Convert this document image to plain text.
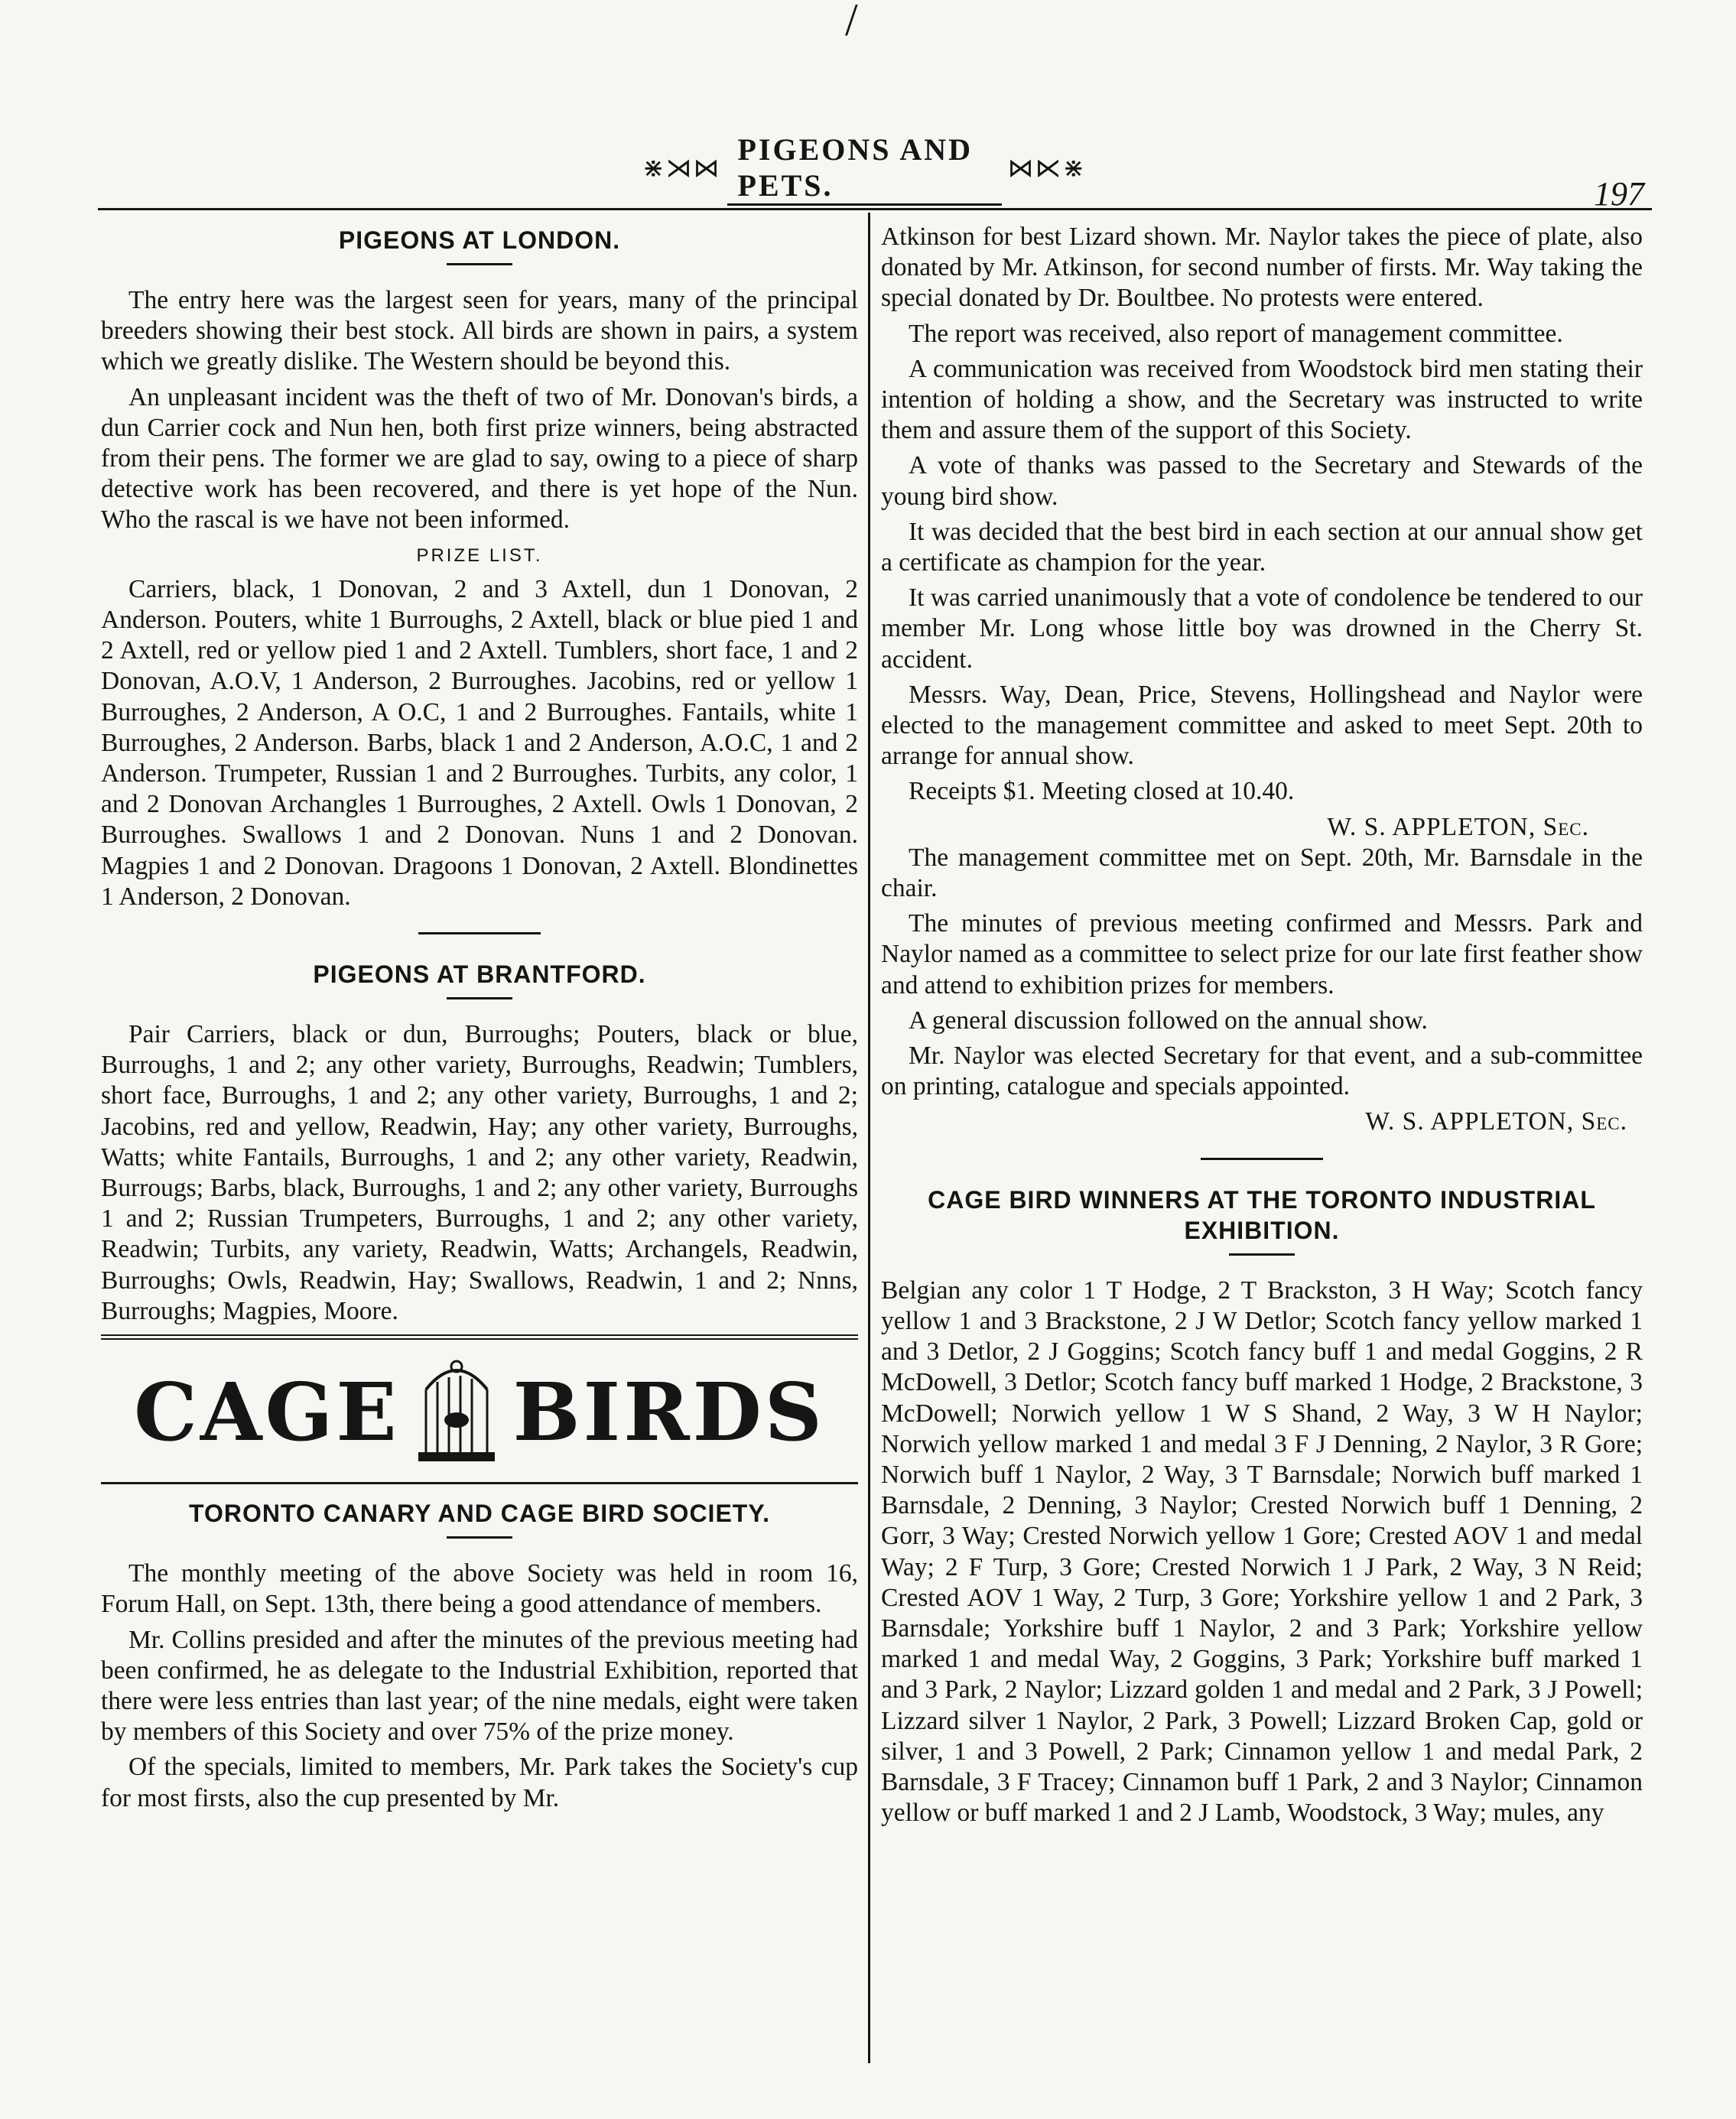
/
⋇⋊⋈
PIGEONS AND PETS.	⋈⋉⋇
197
PIGEONS AT LONDON.

The entry here was the largest seen for years, many of the principal breeders showing their best stock. All birds are shown in pairs, a system which we greatly dislike. The Western should be beyond this.

An unpleasant incident was the theft of two of Mr. Donovan's birds, a dun Carrier cock and Nun hen, both first prize winners, being abstracted from their pens. The former we are glad to say, owing to a piece of sharp detective work has been recovered, and there is yet hope of the Nun. Who the rascal is we have not been informed.

PRIZE LIST.

Carriers, black, 1 Donovan, 2 and 3 Axtell, dun 1 Donovan, 2 Anderson. Pouters, white 1 Burroughs, 2 Axtell, black or blue pied 1 and 2 Axtell, red or yellow pied 1 and 2 Axtell. Tumblers, short face, 1 and 2 Donovan, A.O.V, 1 Anderson, 2 Burroughes. Jacobins, red or yellow 1 Burroughes, 2 Anderson, A O.C, 1 and 2 Burroughes. Fantails, white 1 Burroughes, 2 Anderson. Barbs, black 1 and 2 Anderson, A.O.C, 1 and 2 Anderson. Trumpeter, Russian 1 and 2 Burroughes. Turbits, any color, 1 and 2 Donovan Archangles 1 Burroughes, 2 Axtell. Owls 1 Donovan, 2 Burroughes. Swallows 1 and 2 Donovan. Nuns 1 and 2 Donovan. Magpies 1 and 2 Donovan. Dragoons 1 Donovan, 2 Axtell. Blondinettes 1 Anderson, 2 Donovan.

PIGEONS AT BRANTFORD.

Pair Carriers, black or dun, Burroughs; Pouters, black or blue, Burroughs, 1 and 2; any other variety, Burroughs, Readwin; Tumblers, short face, Burroughs, 1 and 2; any other variety, Burroughs, 1 and 2; Jacobins, red and yellow, Readwin, Hay; any other variety, Burroughs, Watts; white Fantails, Burroughs, 1 and 2; any other variety, Readwin, Burrougs; Barbs, black, Burroughs, 1 and 2; any other variety, Burroughs 1 and 2; Russian Trumpeters, Burroughs, 1 and 2; any other variety, Readwin; Turbits, any variety, Readwin, Watts; Archangels, Readwin, Burroughs; Owls, Readwin, Hay; Swallows, Readwin, 1 and 2; Nnns, Burroughs; Magpies, Moore.

CAGE BIRDS
TORONTO CANARY AND CAGE BIRD SOCIETY.

The monthly meeting of the above Society was held in room 16, Forum Hall, on Sept. 13th, there being a good attendance of members.

Mr. Collins presided and after the minutes of the previous meeting had been confirmed, he as delegate to the Industrial Exhibition, reported that there were less entries than last year; of the nine medals, eight were taken by members of this Society and over 75% of the prize money.

Of the specials, limited to members, Mr. Park takes the Society's cup for most firsts, also the cup presented by Mr.

Atkinson for best Lizard shown. Mr. Naylor takes the piece of plate, also donated by Mr. Atkinson, for second number of firsts. Mr. Way taking the special donated by Dr. Boultbee. No protests were entered.

The report was received, also report of management committee.

A communication was received from Woodstock bird men stating their intention of holding a show, and the Secretary was instructed to write them and assure them of the support of this Society.

A vote of thanks was passed to the Secretary and Stewards of the young bird show.

It was decided that the best bird in each section at our annual show get a certificate as champion for the year.

It was carried unanimously that a vote of condolence be tendered to our member Mr. Long whose little boy was drowned in the Cherry St. accident.

Messrs. Way, Dean, Price, Stevens, Hollingshead and Naylor were elected to the management committee and asked to meet Sept. 20th to arrange for annual show.

Receipts $1. Meeting closed at 10.40.

W. S. APPLETON, Sec.

The management committee met on Sept. 20th, Mr. Barnsdale in the chair.

The minutes of previous meeting confirmed and Messrs. Park and Naylor named as a committee to select prize for our late first feather show and attend to exhibition prizes for members.

A general discussion followed on the annual show.

Mr. Naylor was elected Secretary for that event, and a sub-committee on printing, catalogue and specials appointed.

W. S. APPLETON, Sec.
CAGE BIRD WINNERS AT THE TORONTO INDUSTRIAL EXHIBITION.

Belgian any color 1 T Hodge, 2 T Brackston, 3 H Way; Scotch fancy yellow 1 and 3 Brackstone, 2 J W Detlor; Scotch fancy yellow marked 1 and 3 Detlor, 2 J Goggins; Scotch fancy buff 1 and medal Goggins, 2 R McDowell, 3 Detlor; Scotch fancy buff marked 1 Hodge, 2 Brackstone, 3 McDowell; Norwich yellow 1 W S Shand, 2 Way, 3 W H Naylor; Norwich yellow marked 1 and medal 3 F J Denning, 2 Naylor, 3 R Gore; Norwich buff 1 Naylor, 2 Way, 3 T Barnsdale; Norwich buff marked 1 Barnsdale, 2 Denning, 3 Naylor; Crested Norwich buff 1 Denning, 2 Gorr, 3 Way; Crested Norwich yellow 1 Gore; Crested AOV 1 and medal Way; 2 F Turp, 3 Gore; Crested Norwich 1 J Park, 2 Way, 3 N Reid; Crested AOV 1 Way, 2 Turp, 3 Gore; Yorkshire yellow 1 and 2 Park, 3 Barnsdale; Yorkshire buff 1 Naylor, 2 and 3 Park; Yorkshire yellow marked 1 and medal Way, 2 Goggins, 3 Park; Yorkshire buff marked 1 and 3 Park, 2 Naylor; Lizzard golden 1 and medal and 2 Park, 3 J Powell; Lizzard silver 1 Naylor, 2 Park, 3 Powell; Lizzard Broken Cap, gold or silver, 1 and 3 Powell, 2 Park; Cinnamon yellow 1 and medal Park, 2 Barnsdale, 3 F Tracey; Cinnamon buff 1 Park, 2 and 3 Naylor; Cinnamon yellow or buff marked 1 and 2 J Lamb, Woodstock, 3 Way; mules, any
